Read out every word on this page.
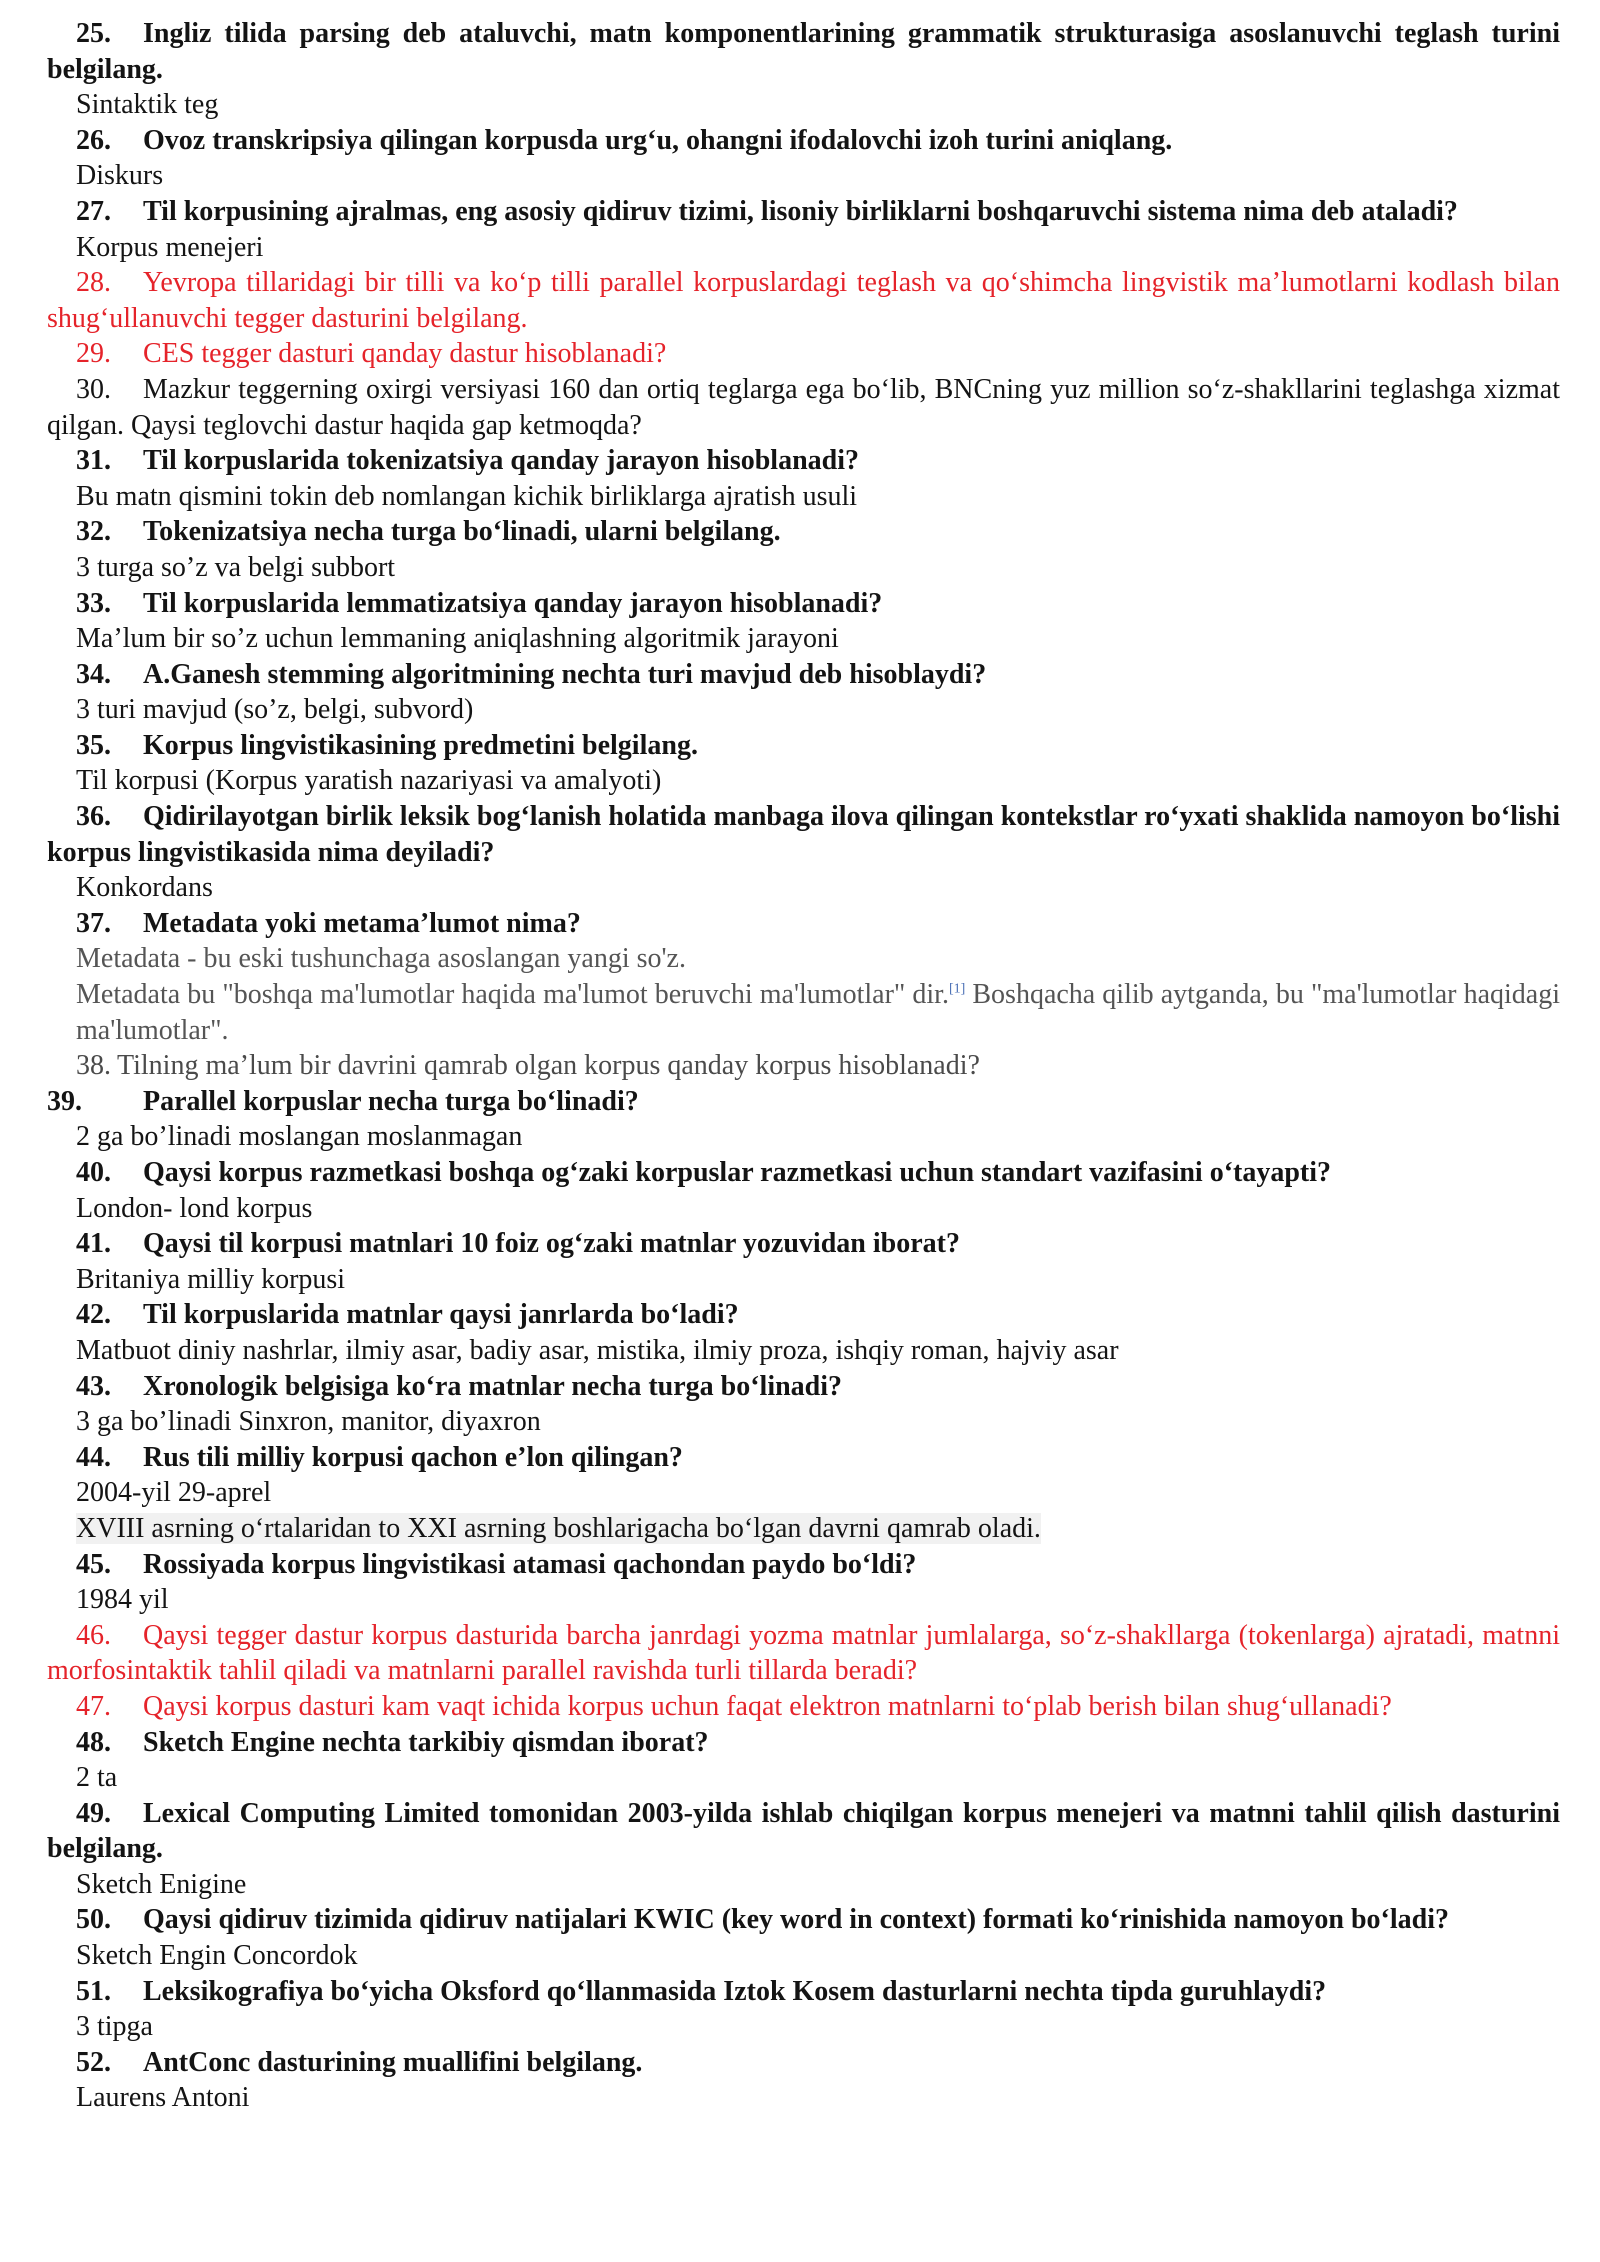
25. Ingliz tilida parsing deb ataluvchi, matn komponentlarining grammatik strukturasiga asoslanuvchi teglash turini belgilang.
Sintaktik teg
26. Ovoz transkripsiya qilingan korpusda urg‘u, ohangni ifodalovchi izoh turini aniqlang.
Diskurs
27. Til korpusining ajralmas, eng asosiy qidiruv tizimi, lisoniy birliklarni boshqaruvchi sistema nima deb ataladi?
Korpus menejeri
28. Yevropa tillaridagi bir tilli va ko‘p tilli parallel korpuslardagi teglash va qo‘shimcha lingvistik ma’lumotlarni kodlash bilan shug‘ullanuvchi tegger dasturini belgilang.
29. CES tegger dasturi qanday dastur hisoblanadi?
30. Mazkur teggerning oxirgi versiyasi 160 dan ortiq teglarga ega bo‘lib, BNCning yuz million so‘z-shakllarini teglashga xizmat qilgan. Qaysi teglovchi dastur haqida gap ketmoqda?
31. Til korpuslarida tokenizatsiya qanday jarayon hisoblanadi?
Bu matn qismini tokin deb nomlangan kichik birliklarga ajratish usuli
32. Tokenizatsiya necha turga bo‘linadi, ularni belgilang.
3 turga so’z va belgi subbort
33. Til korpuslarida lemmatizatsiya qanday jarayon hisoblanadi?
Ma’lum bir so’z uchun lemmaning aniqlashning algoritmik jarayoni
34. A.Ganesh stemming algoritmining nechta turi mavjud deb hisoblaydi?
3 turi mavjud (so’z, belgi, subvord)
35. Korpus lingvistikasining predmetini belgilang.
Til korpusi (Korpus yaratish nazariyasi va amalyoti)
36. Qidirilayotgan birlik leksik bog‘lanish holatida manbaga ilova qilingan kontekstlar ro‘yxati shaklida namoyon bo‘lishi korpus lingvistikasida nima deyiladi?
Konkordans
37. Metadata yoki metama’lumot nima?
Metadata - bu eski tushunchaga asoslangan yangi so'z.
Metadata bu "boshqa ma'lumotlar haqida ma'lumot beruvchi ma'lumotlar" dir.[1] Boshqacha qilib aytganda, bu "ma'lumotlar haqidagi ma'lumotlar".
38. Tilning ma’lum bir davrini qamrab olgan korpus qanday korpus hisoblanadi?
39. Parallel korpuslar necha turga bo‘linadi?
2 ga bo’linadi moslangan moslanmagan
40. Qaysi korpus razmetkasi boshqa og‘zaki korpuslar razmetkasi uchun standart vazifasini o‘tayapti?
London- lond korpus
41. Qaysi til korpusi matnlari 10 foiz og‘zaki matnlar yozuvidan iborat?
Britaniya milliy korpusi
42. Til korpuslarida matnlar qaysi janrlarda bo‘ladi?
Matbuot diniy nashrlar, ilmiy asar, badiy asar, mistika, ilmiy proza, ishqiy roman, hajviy asar
43. Xronologik belgisiga ko‘ra matnlar necha turga bo‘linadi?
3 ga bo’linadi Sinxron, manitor, diyaxron
44. Rus tili milliy korpusi qachon e’lon qilingan?
2004-yil 29-aprel
XVIII asrning oʻrtalaridan to XXI asrning boshlarigacha boʻlgan davrni qamrab oladi.
45. Rossiyada korpus lingvistikasi atamasi qachondan paydo bo‘ldi?
1984 yil
46. Qaysi tegger dastur korpus dasturida barcha janrdagi yozma matnlar jumlalarga, so‘z-shakllarga (tokenlarga) ajratadi, matnni morfosintaktik tahlil qiladi va matnlarni parallel ravishda turli tillarda beradi?
47. Qaysi korpus dasturi kam vaqt ichida korpus uchun faqat elektron matnlarni to‘plab berish bilan shug‘ullanadi?
48. Sketch Engine nechta tarkibiy qismdan iborat?
2 ta
49. Lexical Computing Limited tomonidan 2003-yilda ishlab chiqilgan korpus menejeri va matnni tahlil qilish dasturini belgilang.
Sketch Enigine
50. Qaysi qidiruv tizimida qidiruv natijalari KWIC (key word in context) formati ko‘rinishida namoyon bo‘ladi?
Sketch Engin Concordok
51. Leksikografiya bo‘yicha Oksford qo‘llanmasida Iztok Kosem dasturlarni nechta tipda guruhlaydi?
3 tipga
52. AntConc dasturining muallifini belgilang.
Laurens Antoni
